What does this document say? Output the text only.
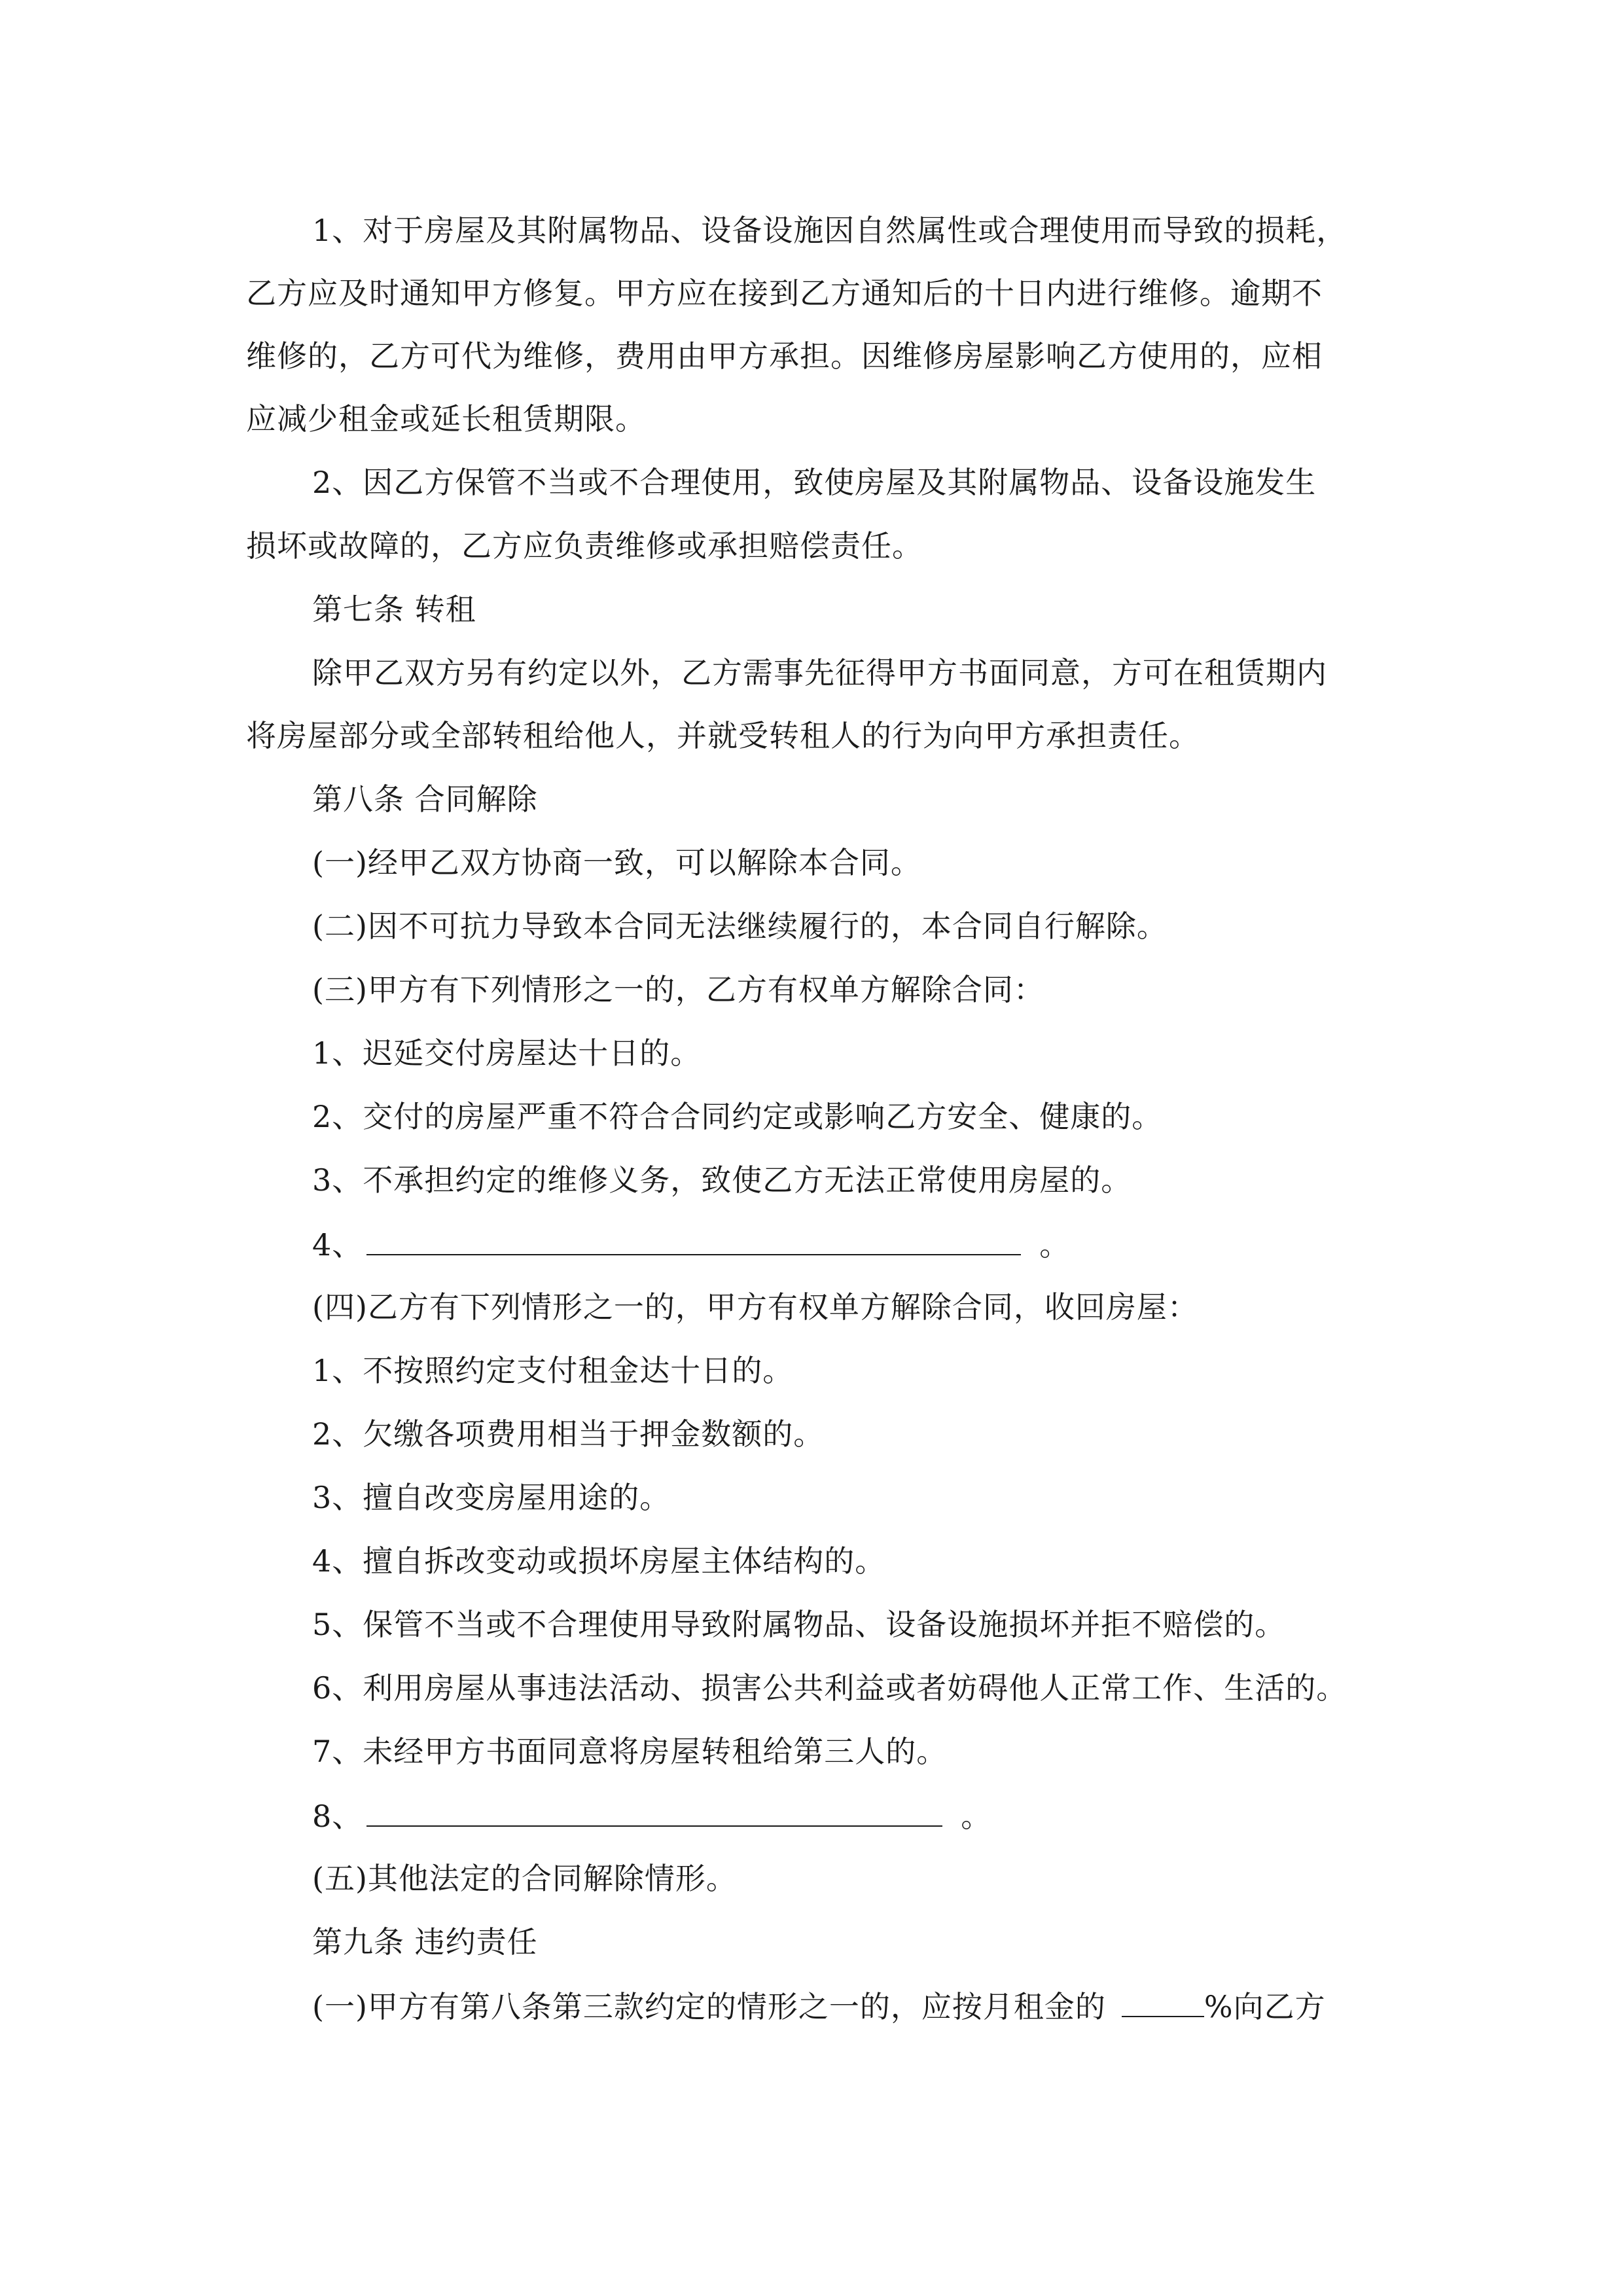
1、对于房屋及其附属物品、设备设施因自然属性或合理使用而导致的损耗，
乙方应及时通知甲方修复。甲方应在接到乙方通知后的十日内进行维修。逾期不
维修的，乙方可代为维修，费用由甲方承担。因维修房屋影响乙方使用的，应相
应减少租金或延长租赁期限。
2、因乙方保管不当或不合理使用，致使房屋及其附属物品、设备设施发生
损坏或故障的，乙方应负责维修或承担赔偿责任。
第七条 转租
除甲乙双方另有约定以外，乙方需事先征得甲方书面同意，方可在租赁期内
将房屋部分或全部转租给他人，并就受转租人的行为向甲方承担责任。
第八条 合同解除
(一)经甲乙双方协商一致，可以解除本合同。
(二)因不可抗力导致本合同无法继续履行的，本合同自行解除。
(三)甲方有下列情形之一的，乙方有权单方解除合同：
1、迟延交付房屋达十日的。
2、交付的房屋严重不符合合同约定或影响乙方安全、健康的。
3、不承担约定的维修义务，致使乙方无法正常使用房屋的。
4、	。
(四)乙方有下列情形之一的，甲方有权单方解除合同，收回房屋：
1、不按照约定支付租金达十日的。
2、欠缴各项费用相当于押金数额的。
3、擅自改变房屋用途的。
4、擅自拆改变动或损坏房屋主体结构的。
5、保管不当或不合理使用导致附属物品、设备设施损坏并拒不赔偿的。
6、利用房屋从事违法活动、损害公共利益或者妨碍他人正常工作、生活的。
7、未经甲方书面同意将房屋转租给第三人的。
8、	。
(五)其他法定的合同解除情形。
第九条 违约责任
(一)甲方有第八条第三款约定的情形之一的，应按月租金的	%向乙方
